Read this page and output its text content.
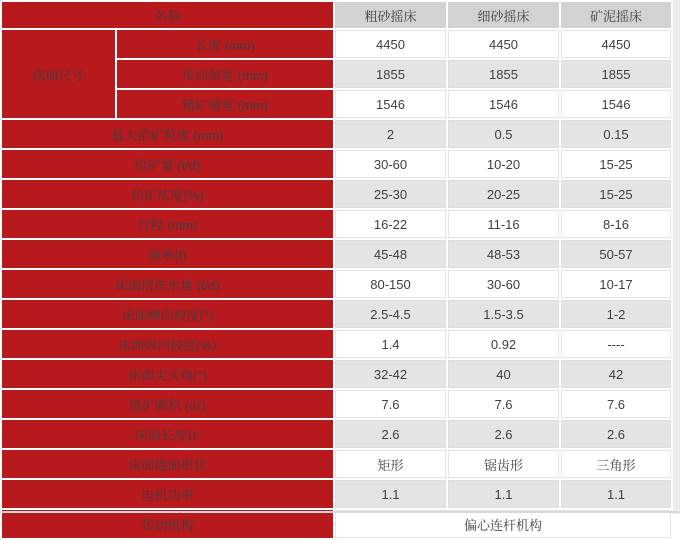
名称		粗砂摇床	细砂摇床	矿泥摇床
床面尺寸	长度 (mm)	4450	4450	4450
	传动端宽 (mm)	1855	1855	1855
	精矿端宽 (mm)	1546	1546	1546
最大给矿粒度 (mm)		2	0.5	0.15
给矿量 (t/d)		30-60	10-20	15-25
给矿浓度(%)		25-30	20-25	15-25
行程 (mm)		16-22	11-16	8-16
频率(f)		45-48	48-53	50-57
床面清洗水量 (t/d)		80-150	30-60	10-17
床面横向坡度(°)		2.5-4.5	1.5-3.5	1-2
床面纵向坡度(%)		1.4	0.92	----
床面尖灭角(°)		32-42	40	42
选矿面积 (㎡)		7.6	7.6	7.6
床面长度比		2.6	2.6	2.6
床面端面形状		矩形	锯齿形	三角形
电机功率		1.1	1.1	1.1
传动机构		偏心连杆机构		
